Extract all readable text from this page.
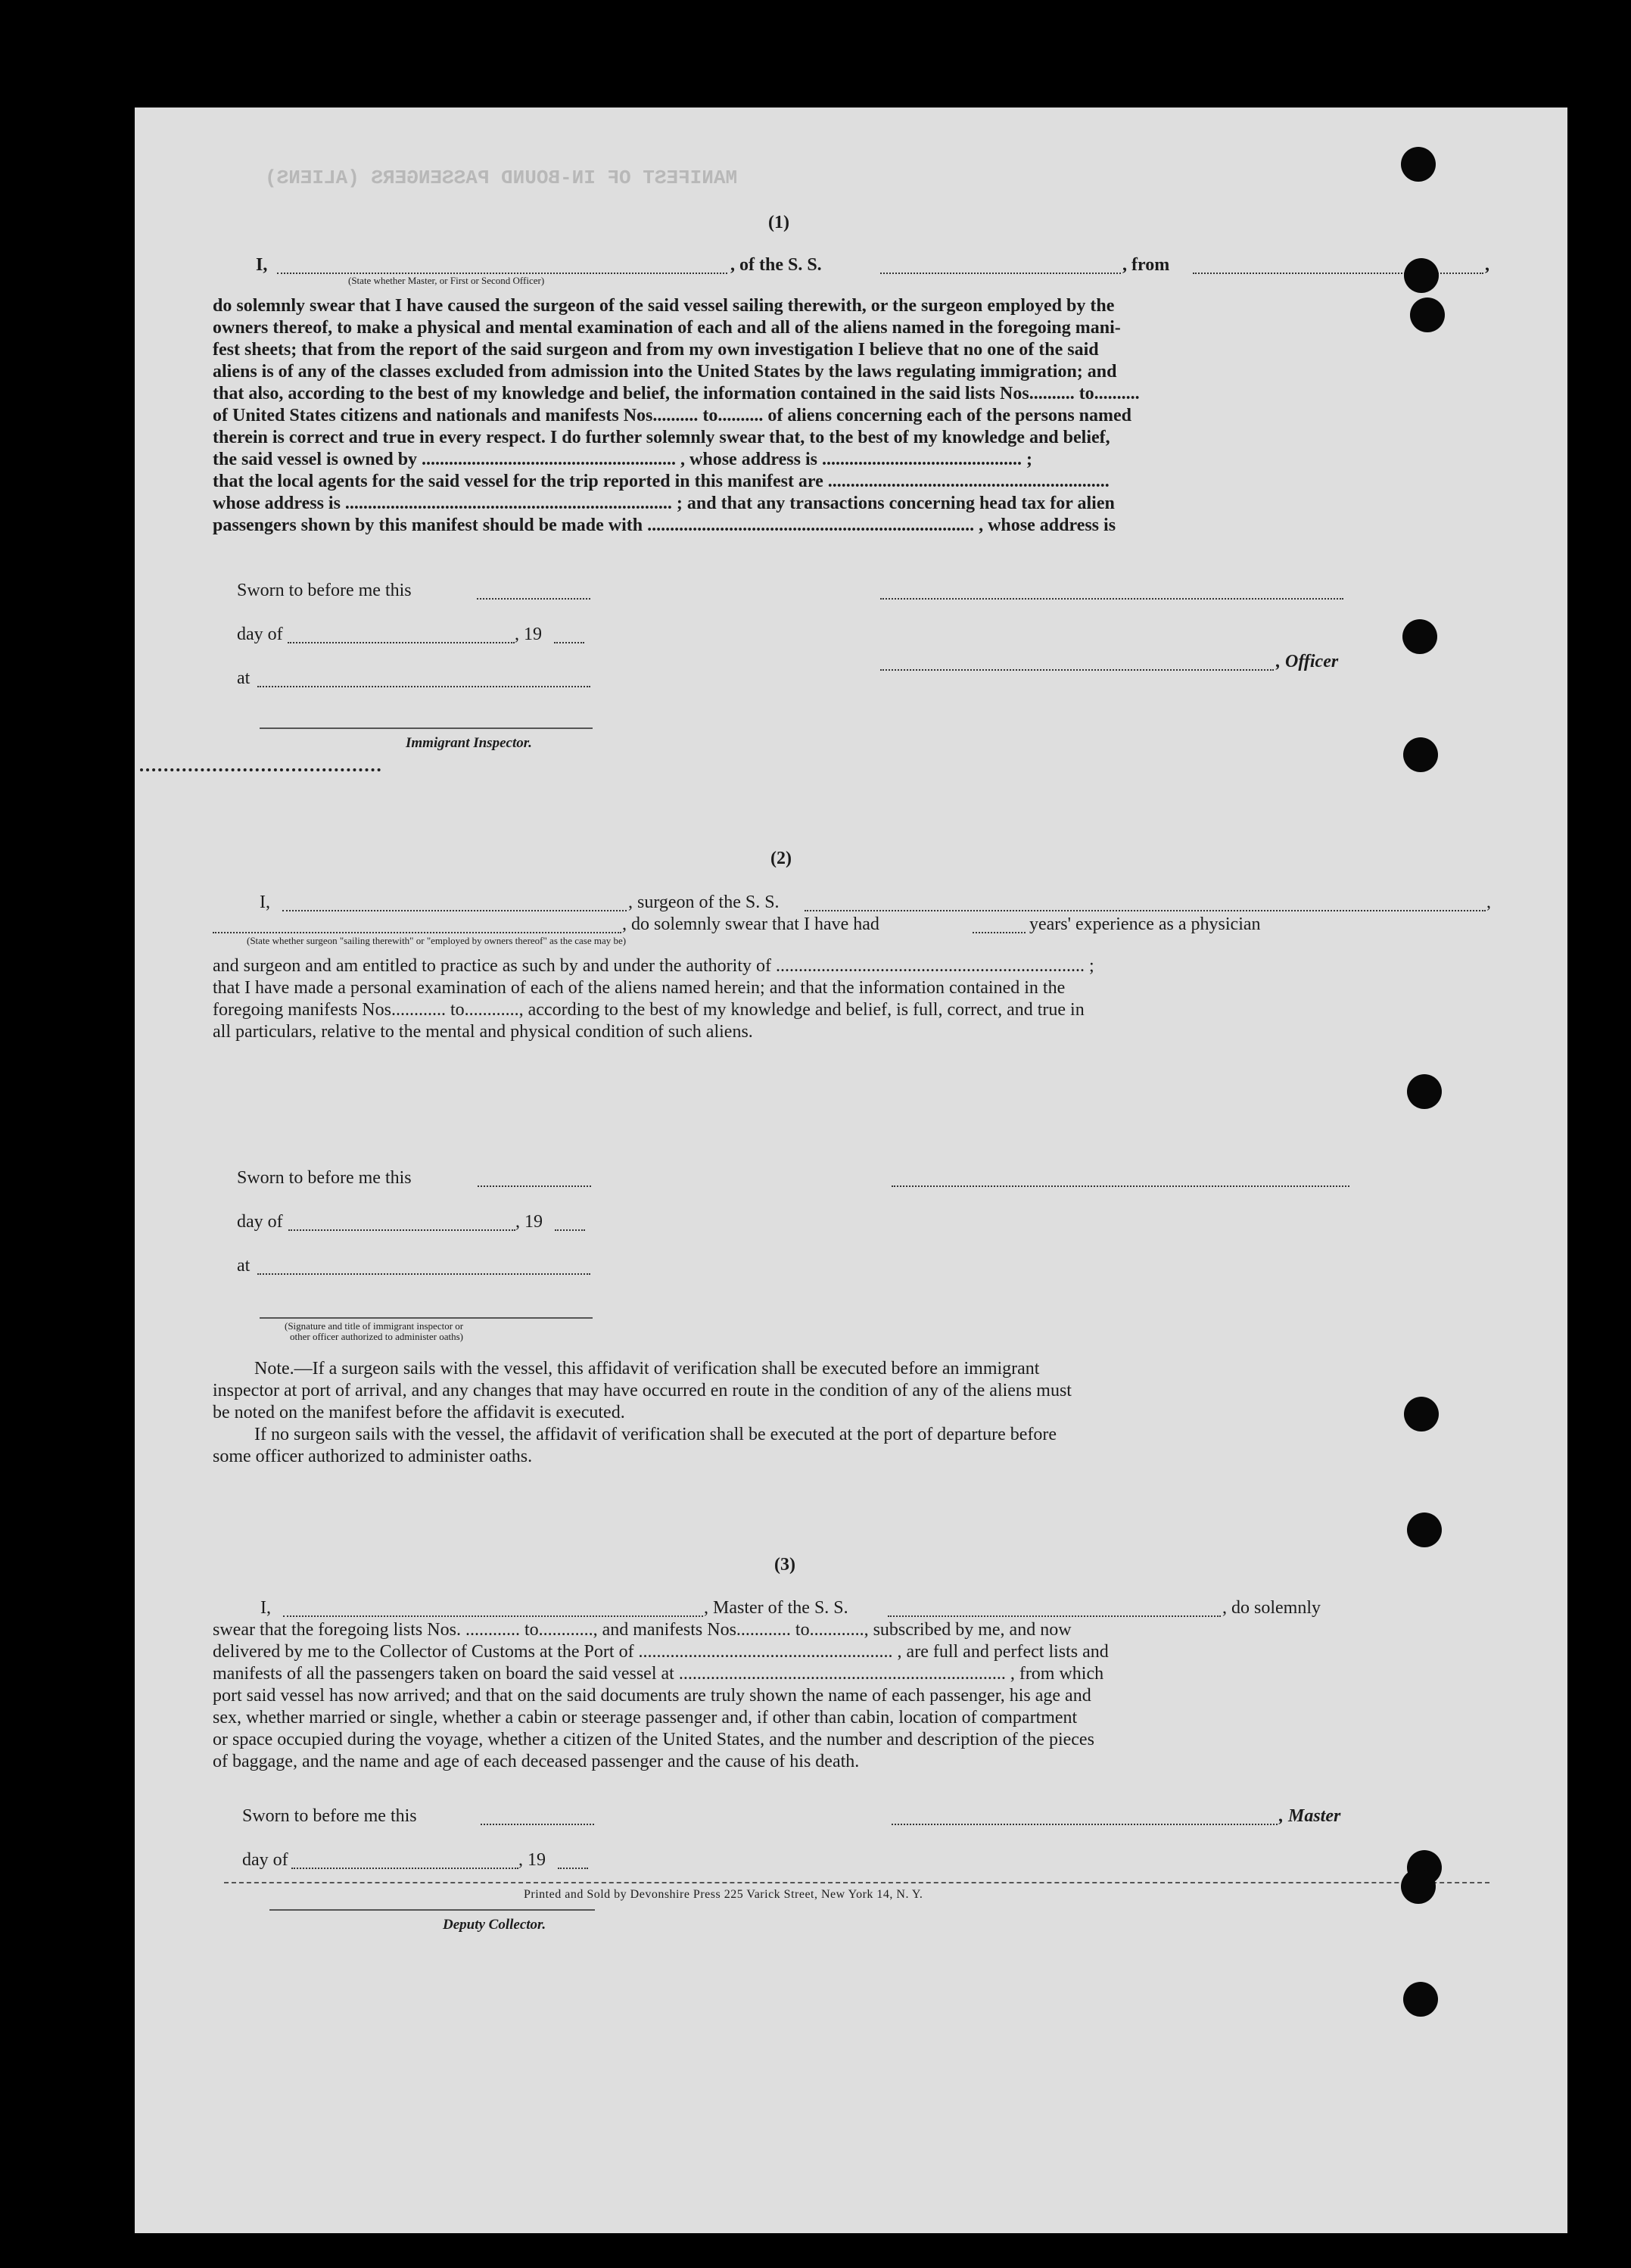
MANIFEST OF IN-BOUND PASSENGERS (ALIENS)
(1)
I,	, of the S. S.	, from	,
(State whether Master, or First or Second Officer)

do solemnly swear that I have caused the surgeon of the said vessel sailing therewith, or the surgeon employed by the

owners thereof, to make a physical and mental examination of each and all of the aliens named in the foregoing mani-

fest sheets; that from the report of the said surgeon and from my own investigation I believe that no one of the said

aliens is of any of the classes excluded from admission into the United States by the laws regulating immigration; and

that also, according to the best of my knowledge and belief, the information contained in the said lists Nos.......... to..........

of United States citizens and nationals and manifests Nos.......... to.......... of aliens concerning each of the persons named

therein is correct and true in every respect. I do further solemnly swear that, to the best of my knowledge and belief,

the said vessel is owned by ........................................................ , whose address is ............................................ ;

that the local agents for the said vessel for the trip reported in this manifest are ..............................................................

whose address is ........................................................................ ; and that any transactions concerning head tax for alien

passengers shown by this manifest should be made with ........................................................................ , whose address is

Sworn to before me this
day of	, 19
at
, Officer
Immigrant Inspector.
(2)
I,	, surgeon of the S. S.	,
, do solemnly swear that I have had	years' experience as a physician
(State whether surgeon "sailing therewith" or "employed by owners thereof" as the case may be)

and surgeon and am entitled to practice as such by and under the authority of .................................................................... ;

that I have made a personal examination of each of the aliens named herein; and that the information contained in the

foregoing manifests Nos............ to............, according to the best of my knowledge and belief, is full, correct, and true in

all particulars, relative to the mental and physical condition of such aliens.

Sworn to before me this
day of	, 19
at
(Signature and title of immigrant inspector or
other officer authorized to administer oaths)

Note.—If a surgeon sails with the vessel, this affidavit of verification shall be executed before an immigrant

inspector at port of arrival, and any changes that may have occurred en route in the condition of any of the aliens must

be noted on the manifest before the affidavit is executed.

If no surgeon sails with the vessel, the affidavit of verification shall be executed at the port of departure before

some officer authorized to administer oaths.

(3)
I,	, Master of the S. S.	, do solemnly

swear that the foregoing lists Nos. ............ to............, and manifests Nos............ to............, subscribed by me, and now

delivered by me to the Collector of Customs at the Port of ........................................................ , are full and perfect lists and

manifests of all the passengers taken on board the said vessel at ........................................................................ , from which

port said vessel has now arrived; and that on the said documents are truly shown the name of each passenger, his age and

sex, whether married or single, whether a cabin or steerage passenger and, if other than cabin, location of compartment

or space occupied during the voyage, whether a citizen of the United States, and the number and description of the pieces

of baggage, and the name and age of each deceased passenger and the cause of his death.

Sworn to before me this	, Master
day of	, 19
Deputy Collector.
Printed and Sold by Devonshire Press 225 Varick Street, New York 14, N. Y.
